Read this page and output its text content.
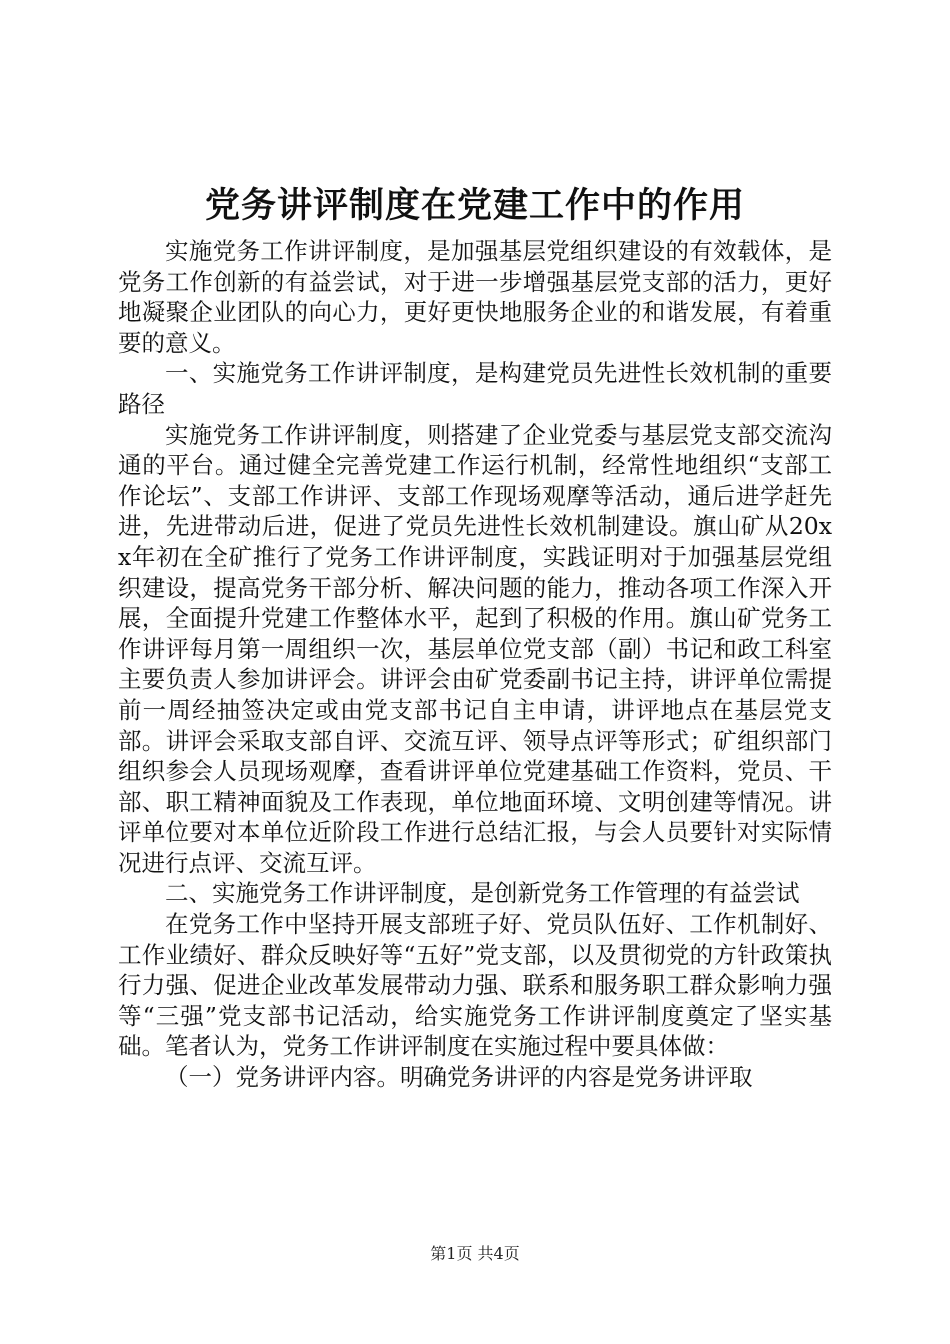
党务讲评制度在党建工作中的作用

实施党务工作讲评制度，是加强基层党组织建设的有效载体，是党务工作创新的有益尝试，对于进一步增强基层党支部的活力，更好地凝聚企业团队的向心力，更好更快地服务企业的和谐发展，有着重要的意义。

一、实施党务工作讲评制度，是构建党员先进性长效机制的重要路径

实施党务工作讲评制度，则搭建了企业党委与基层党支部交流沟通的平台。通过健全完善党建工作运行机制，经常性地组织“支部工作论坛”、支部工作讲评、支部工作现场观摩等活动，通后进学赶先进，先进带动后进，促进了党员先进性长效机制建设。旗山矿从20xx年初在全矿推行了党务工作讲评制度，实践证明对于加强基层党组织建设，提高党务干部分析、解决问题的能力，推动各项工作深入开展，全面提升党建工作整体水平，起到了积极的作用。旗山矿党务工作讲评每月第一周组织一次，基层单位党支部（副）书记和政工科室主要负责人参加讲评会。讲评会由矿党委副书记主持，讲评单位需提前一周经抽签决定或由党支部书记自主申请，讲评地点在基层党支部。讲评会采取支部自评、交流互评、领导点评等形式；矿组织部门组织参会人员现场观摩，查看讲评单位党建基础工作资料，党员、干部、职工精神面貌及工作表现，单位地面环境、文明创建等情况。讲评单位要对本单位近阶段工作进行总结汇报，与会人员要针对实际情况进行点评、交流互评。

二、实施党务工作讲评制度，是创新党务工作管理的有益尝试

在党务工作中坚持开展支部班子好、党员队伍好、工作机制好、工作业绩好、群众反映好等“五好”党支部，以及贯彻党的方针政策执行力强、促进企业改革发展带动力强、联系和服务职工群众影响力强等“三强”党支部书记活动，给实施党务工作讲评制度奠定了坚实基础。笔者认为，党务工作讲评制度在实施过程中要具体做：

（一）党务讲评内容。明确党务讲评的内容是党务讲评取

第1页 共4页
